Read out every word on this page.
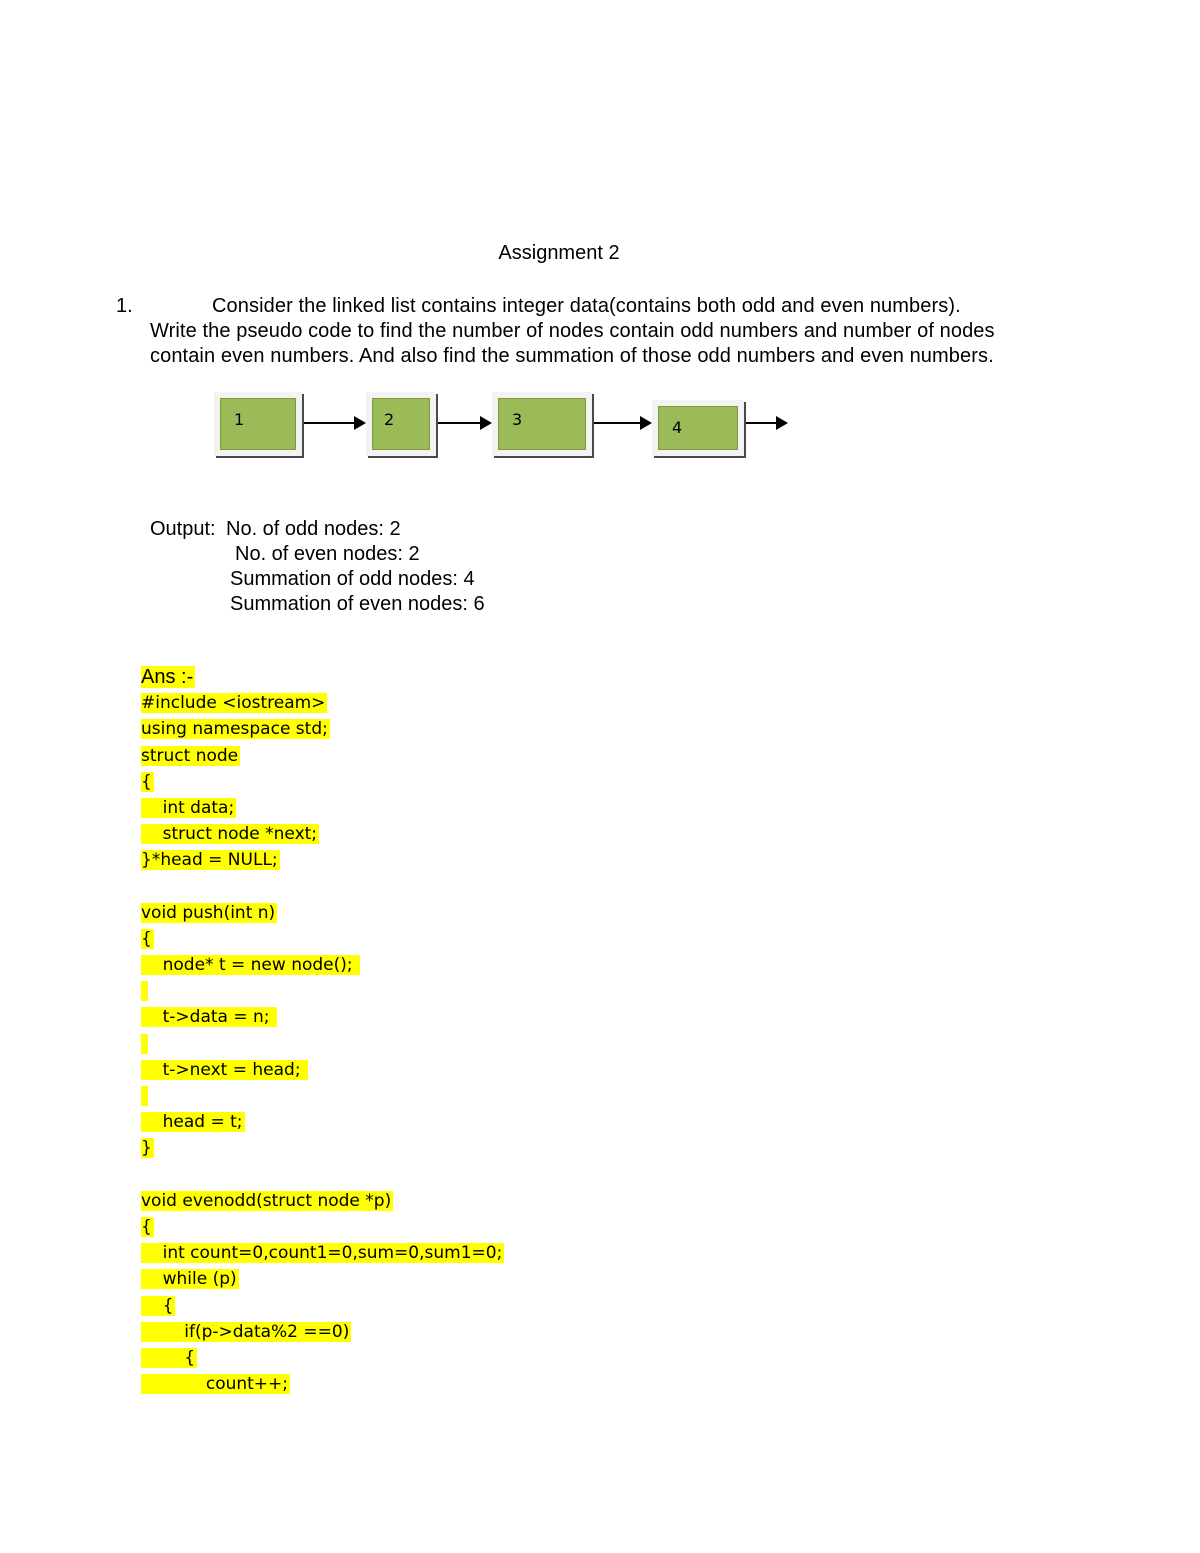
Assignment 2
1.	Consider the linked list contains integer data(contains both odd and even numbers).
Write the pseudo code to find the number of nodes contain odd numbers and number of nodes
contain even numbers. And also find the summation of those odd numbers and even numbers.
1	2	3	4
Output: No. of odd nodes: 2
No. of even nodes: 2
Summation of odd nodes: 4
Summation of even nodes: 6
Ans :-
#include <iostream>
using namespace std;
struct node
{
int data;
struct node *next;
}*head = NULL;
void push(int n)
{
node* t = new node();

t->data = n;

t->next = head;

head = t;
}
void evenodd(struct node *p)
{
int count=0,count1=0,sum=0,sum1=0;
while (p)
{
if(p->data%2 ==0)
{
count++;
